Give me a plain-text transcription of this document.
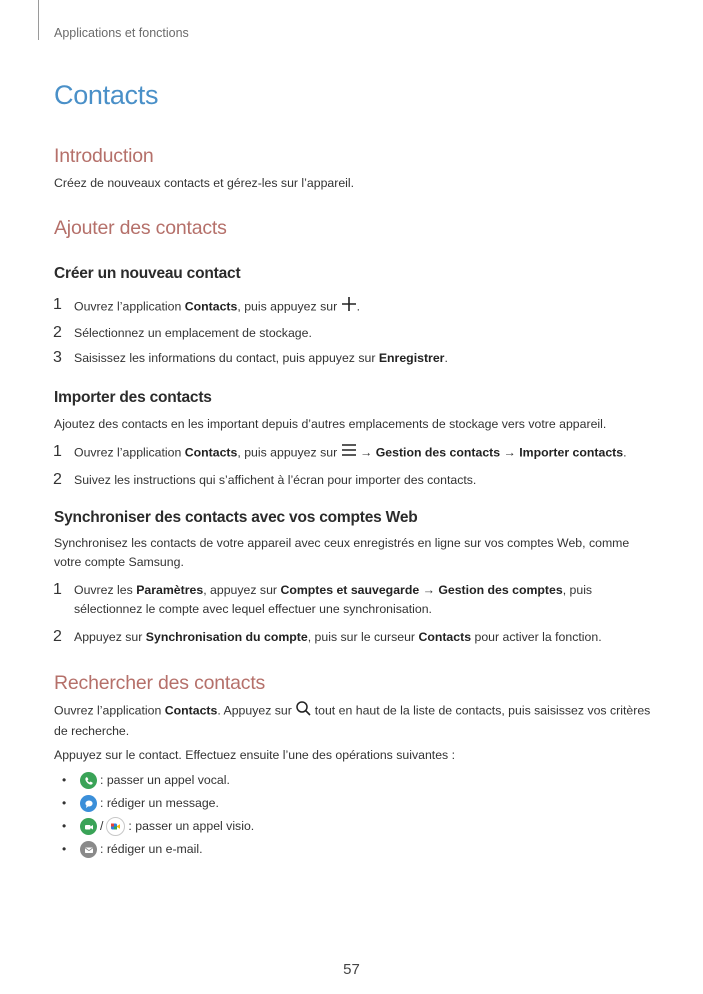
Applications et fonctions
Contacts
Introduction

Créez de nouveaux contacts et gérez-les sur l’appareil.

Ajouter des contacts
Créer un nouveau contact
1 Ouvrez l’application Contacts, puis appuyez sur .
2 Sélectionnez un emplacement de stockage.
3 Saisissez les informations du contact, puis appuyez sur Enregistrer.
Importer des contacts

Ajoutez des contacts en les important depuis d’autres emplacements de stockage vers votre appareil.

1 Ouvrez l’application Contacts, puis appuyez sur  → Gestion des contacts → Importer contacts.
2 Suivez les instructions qui s’affichent à l’écran pour importer des contacts.
Synchroniser des contacts avec vos comptes Web

Synchronisez les contacts de votre appareil avec ceux enregistrés en ligne sur vos comptes Web, comme votre compte Samsung.

1 Ouvrez les Paramètres, appuyez sur Comptes et sauvegarde → Gestion des comptes, puis sélectionnez le compte avec lequel effectuer une synchronisation.
2 Appuyez sur Synchronisation du compte, puis sur le curseur Contacts pour activer la fonction.
Rechercher des contacts

Ouvrez l’application Contacts. Appuyez sur  tout en haut de la liste de contacts, puis saisissez vos critères de recherche.

Appuyez sur le contact. Effectuez ensuite l’une des opérations suivantes :

•	: passer un appel vocal.
•	: rédiger un message.
•	/ : passer un appel visio.
•	: rédiger un e-mail.
57
